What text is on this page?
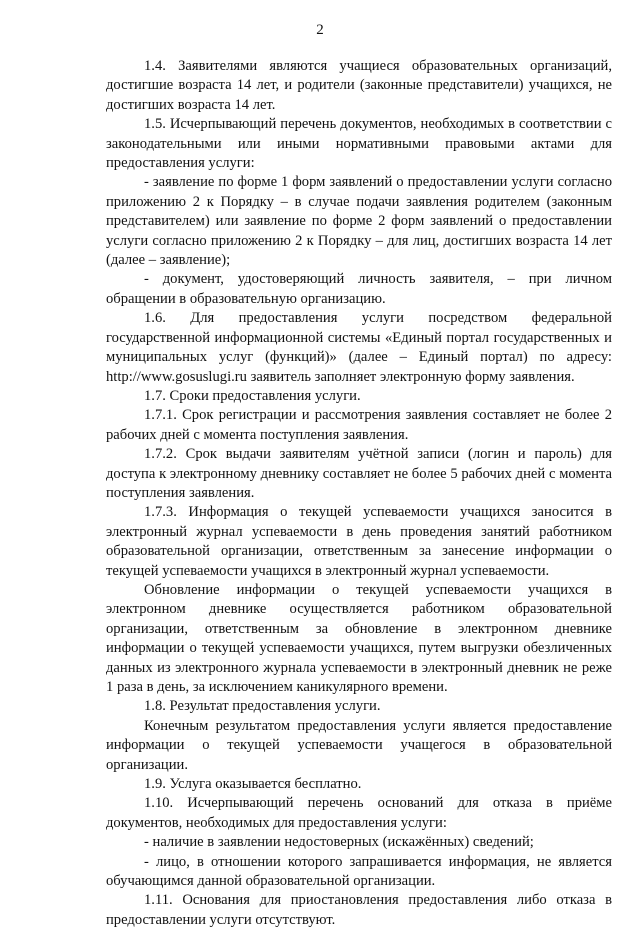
2

1.4. Заявителями являются учащиеся образовательных организаций, достигшие возраста 14 лет, и родители (законные представители) учащихся, не достигших возраста 14 лет.

1.5. Исчерпывающий перечень документов, необходимых в соответствии с законодательными или иными нормативными правовыми актами для предоставления услуги:

- заявление по форме 1 форм заявлений о предоставлении услуги согласно приложению 2 к Порядку – в случае подачи заявления родителем (законным представителем) или заявление по форме 2 форм заявлений о предоставлении услуги согласно приложению 2 к Порядку – для лиц, достигших возраста 14 лет (далее – заявление);

- документ, удостоверяющий личность заявителя, – при личном обращении в образовательную организацию.

1.6. Для предоставления услуги посредством федеральной государственной информационной системы «Единый портал государственных и муниципальных услуг (функций)» (далее – Единый портал) по адресу: http://www.gosuslugi.ru заявитель заполняет электронную форму заявления.

1.7. Сроки предоставления услуги.

1.7.1. Срок регистрации и рассмотрения заявления составляет не более 2 рабочих дней с момента поступления заявления.

1.7.2. Срок выдачи заявителям учётной записи (логин и пароль) для доступа к электронному дневнику составляет не более 5 рабочих дней с момента поступления заявления.

1.7.3. Информация о текущей успеваемости учащихся заносится в электронный журнал успеваемости в день проведения занятий работником образовательной организации, ответственным за занесение информации о текущей успеваемости учащихся в электронный журнал успеваемости.

Обновление информации о текущей успеваемости учащихся в электронном дневнике осуществляется работником образовательной организации, ответственным за обновление в электронном дневнике информации о текущей успеваемости учащихся, путем выгрузки обезличенных данных из электронного журнала успеваемости в электронный дневник не реже 1 раза в день, за исключением каникулярного времени.

1.8. Результат предоставления услуги.

Конечным результатом предоставления услуги является предоставление информации о текущей успеваемости учащегося в образовательной организации.

1.9. Услуга оказывается бесплатно.

1.10. Исчерпывающий перечень оснований для отказа в приёме документов, необходимых для предоставления услуги:

- наличие в заявлении недостоверных (искажённых) сведений;

- лицо, в отношении которого запрашивается информация, не является обучающимся данной образовательной организации.

1.11. Основания для приостановления предоставления либо отказа в предоставлении услуги отсутствуют.
